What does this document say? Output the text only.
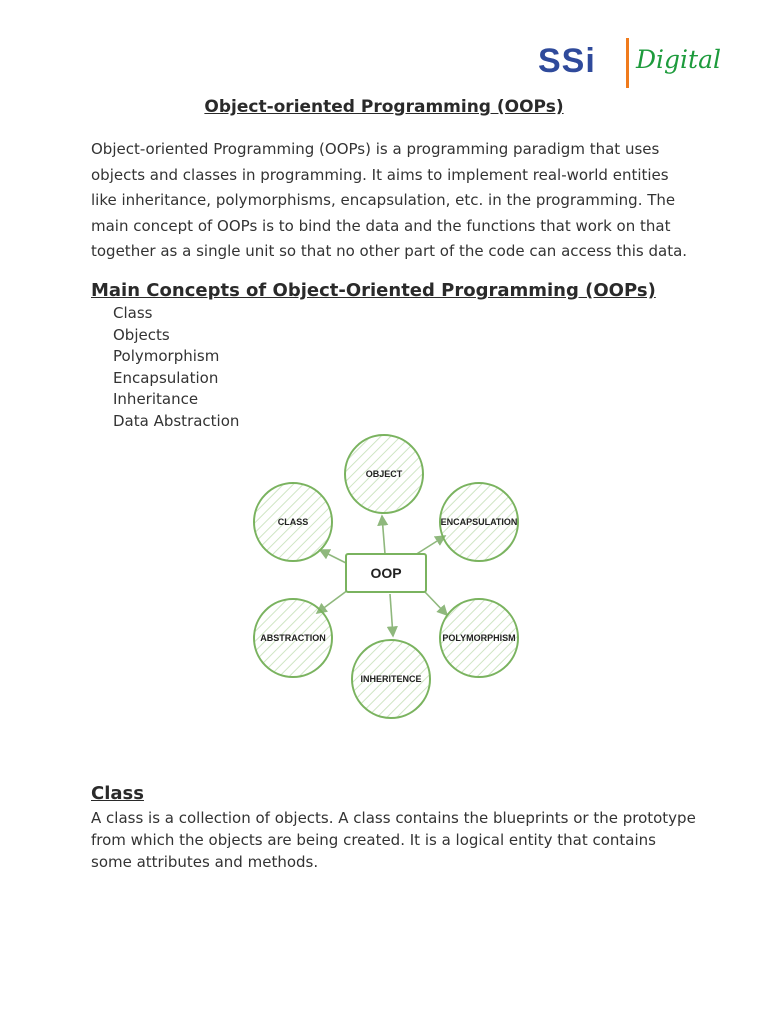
SSi Digital
Object-oriented Programming (OOPs)

Object-oriented Programming (OOPs) is a programming paradigm that uses objects and classes in programming. It aims to implement real-world entities like inheritance, polymorphisms, encapsulation, etc. in the programming. The main concept of OOPs is to bind the data and the functions that work on that together as a single unit so that no other part of the code can access this data.

Main Concepts of Object-Oriented Programming (OOPs)
Class
Objects
Polymorphism
Encapsulation
Inheritance
Data Abstraction
OBJECT
CLASS	ENCAPSULATION
ABSTRACTION	POLYMORPHISM
INHERITENCE
OOP
Class

A class is a collection of objects. A class contains the blueprints or the prototype from which the objects are being created. It is a logical entity that contains some attributes and methods.
